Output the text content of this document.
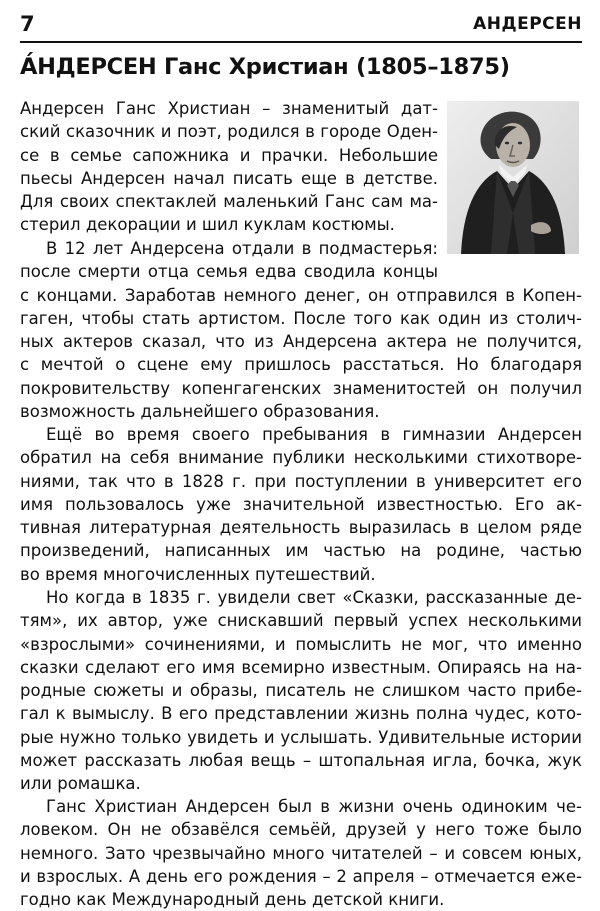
7	АНДЕРСЕН
А́НДЕРСЕН Ганс Христиан (1805–1875)
Андерсен Ганс Христиан – знаменитый дат-
ский сказочник и поэт, родился в городе Оден-
се в семье сапожника и прачки. Небольшие
пьесы Андерсен начал писать еще в детстве.
Для своих спектаклей маленький Ганс сам ма-
стерил декорации и шил куклам костюмы.
В 12 лет Андерсена отдали в подмастерья:
после смерти отца семья едва сводила концы
с концами. Заработав немного денег, он отправился в Копен-
гаген, чтобы стать артистом. После того как один из столич-
ных актеров сказал, что из Андерсена актера не получится,
с мечтой о сцене ему пришлось расстаться. Но благодаря
покровительству копенгагенских знаменитостей он получил
возможность дальнейшего образования.
Ещё во время своего пребывания в гимназии Андерсен
обратил на себя внимание публики несколькими стихотворе-
ниями, так что в 1828 г. при поступлении в университет его
имя пользовалось уже значительной известностью. Его ак-
тивная литературная деятельность выразилась в целом ряде
произведений, написанных им частью на родине, частью
во время многочисленных путешествий.
Но когда в 1835 г. увидели свет «Сказки, рассказанные де-
тям», их автор, уже снискавший первый успех несколькими
«взрослыми» сочинениями, и помыслить не мог, что именно
сказки сделают его имя всемирно известным. Опираясь на на-
родные сюжеты и образы, писатель не слишком часто прибе-
гал к вымыслу. В его представлении жизнь полна чудес, кото-
рые нужно только увидеть и услышать. Удивительные истории
может рассказать любая вещь – штопальная игла, бочка, жук
или ромашка.
Ганс Христиан Андерсен был в жизни очень одиноким че-
ловеком. Он не обзавёлся семьёй, друзей у него тоже было
немного. Зато чрезвычайно много читателей – и совсем юных,
и взрослых. А день его рождения – 2 апреля – отмечается еже-
годно как Международный день детской книги.
